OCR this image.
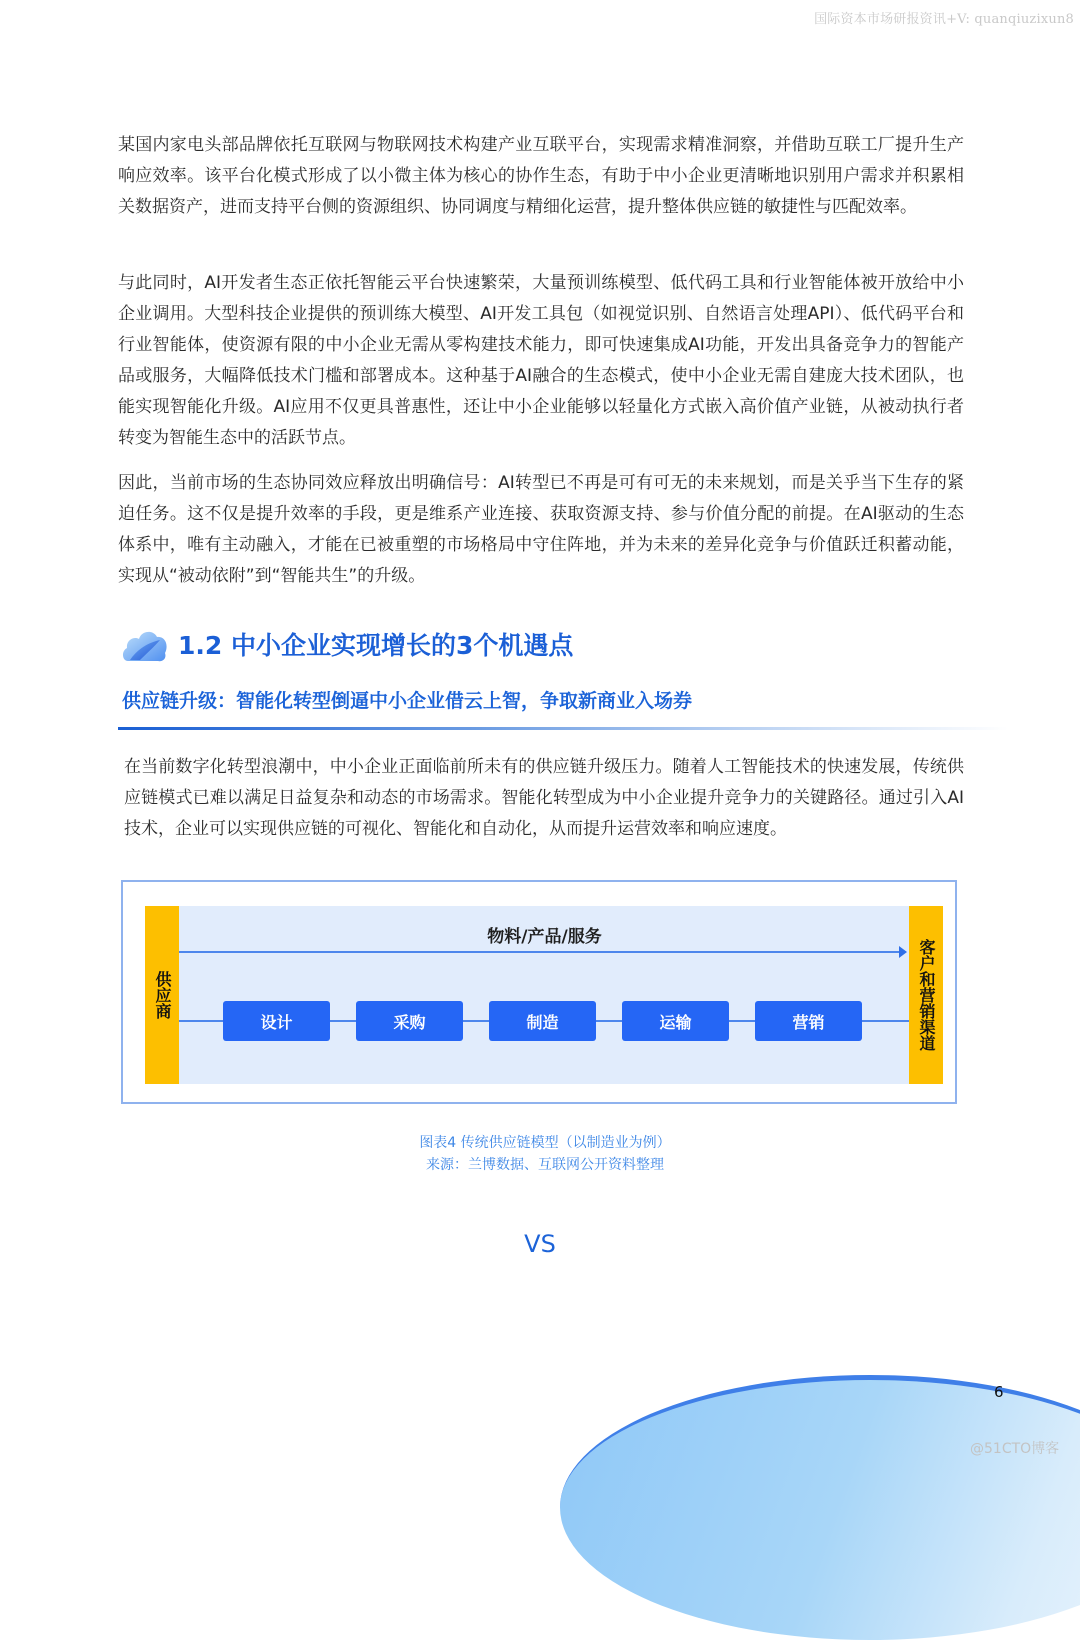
国际资本市场研报资讯+V: quanqiuzixun8

某国内家电头部品牌依托互联网与物联网技术构建产业互联平台，实现需求精准洞察，并借助互联工厂提升生产响应效率。该平台化模式形成了以小微主体为核心的协作生态，有助于中小企业更清晰地识别用户需求并积累相关数据资产，进而支持平台侧的资源组织、协同调度与精细化运营，提升整体供应链的敏捷性与匹配效率。

与此同时，AI开发者生态正依托智能云平台快速繁荣，大量预训练模型、低代码工具和行业智能体被开放给中小企业调用。大型科技企业提供的预训练大模型、AI开发工具包（如视觉识别、自然语言处理API）、低代码平台和行业智能体，使资源有限的中小企业无需从零构建技术能力，即可快速集成AI功能，开发出具备竞争力的智能产品或服务，大幅降低技术门槛和部署成本。这种基于AI融合的生态模式，使中小企业无需自建庞大技术团队，也能实现智能化升级。AI应用不仅更具普惠性，还让中小企业能够以轻量化方式嵌入高价值产业链，从被动执行者转变为智能生态中的活跃节点。

因此，当前市场的生态协同效应释放出明确信号：AI转型已不再是可有可无的未来规划，而是关乎当下生存的紧迫任务。这不仅是提升效率的手段，更是维系产业连接、获取资源支持、参与价值分配的前提。在AI驱动的生态体系中，唯有主动融入，才能在已被重塑的市场格局中守住阵地，并为未来的差异化竞争与价值跃迁积蓄动能，实现从“被动依附”到“智能共生”的升级。

1.2 中小企业实现增长的3个机遇点
供应链升级：智能化转型倒逼中小企业借云上智，争取新商业入场券

在当前数字化转型浪潮中，中小企业正面临前所未有的供应链升级压力。随着人工智能技术的快速发展，传统供应链模式已难以满足日益复杂和动态的市场需求。智能化转型成为中小企业提升竞争力的关键路径。通过引入AI技术，企业可以实现供应链的可视化、智能化和自动化，从而提升运营效率和响应速度。

供应商	客户和营销渠道
物料/产品/服务
设计	采购	制造	运输	营销
图表4 传统供应链模型（以制造业为例）
来源：兰博数据、互联网公开资料整理
VS
6
@51CTO博客
